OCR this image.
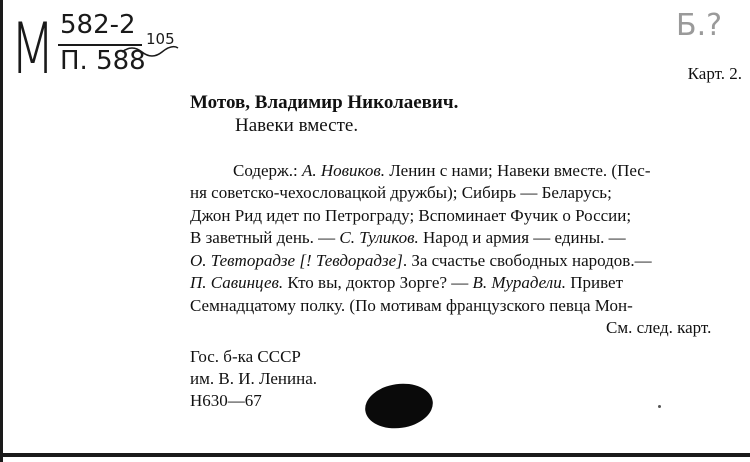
М 582-2
П. 588
105	Б.?
Карт. 2.
Мотов, Владимир Николаевич.
Навеки вместе.
Содерж.: А. Новиков. Ленин с нами; Навеки вместе. (Пес-
ня советско-чехословацкой дружбы); Сибирь — Беларусь;
Джон Рид идет по Петрограду; Вспоминает Фучик о России;
В заветный день. — С. Туликов. Народ и армия — едины. —
О. Тевторадзе [! Тевдорадзе]. За счастье свободных народов.—
П. Савинцев. Кто вы, доктор Зорге? — В. Мурадели. Привет
Семнадцатому полку. (По мотивам французского певца Мон-
См. след. карт.
Гос. б-ка СССР
им. В. И. Ленина.
Н630—67
